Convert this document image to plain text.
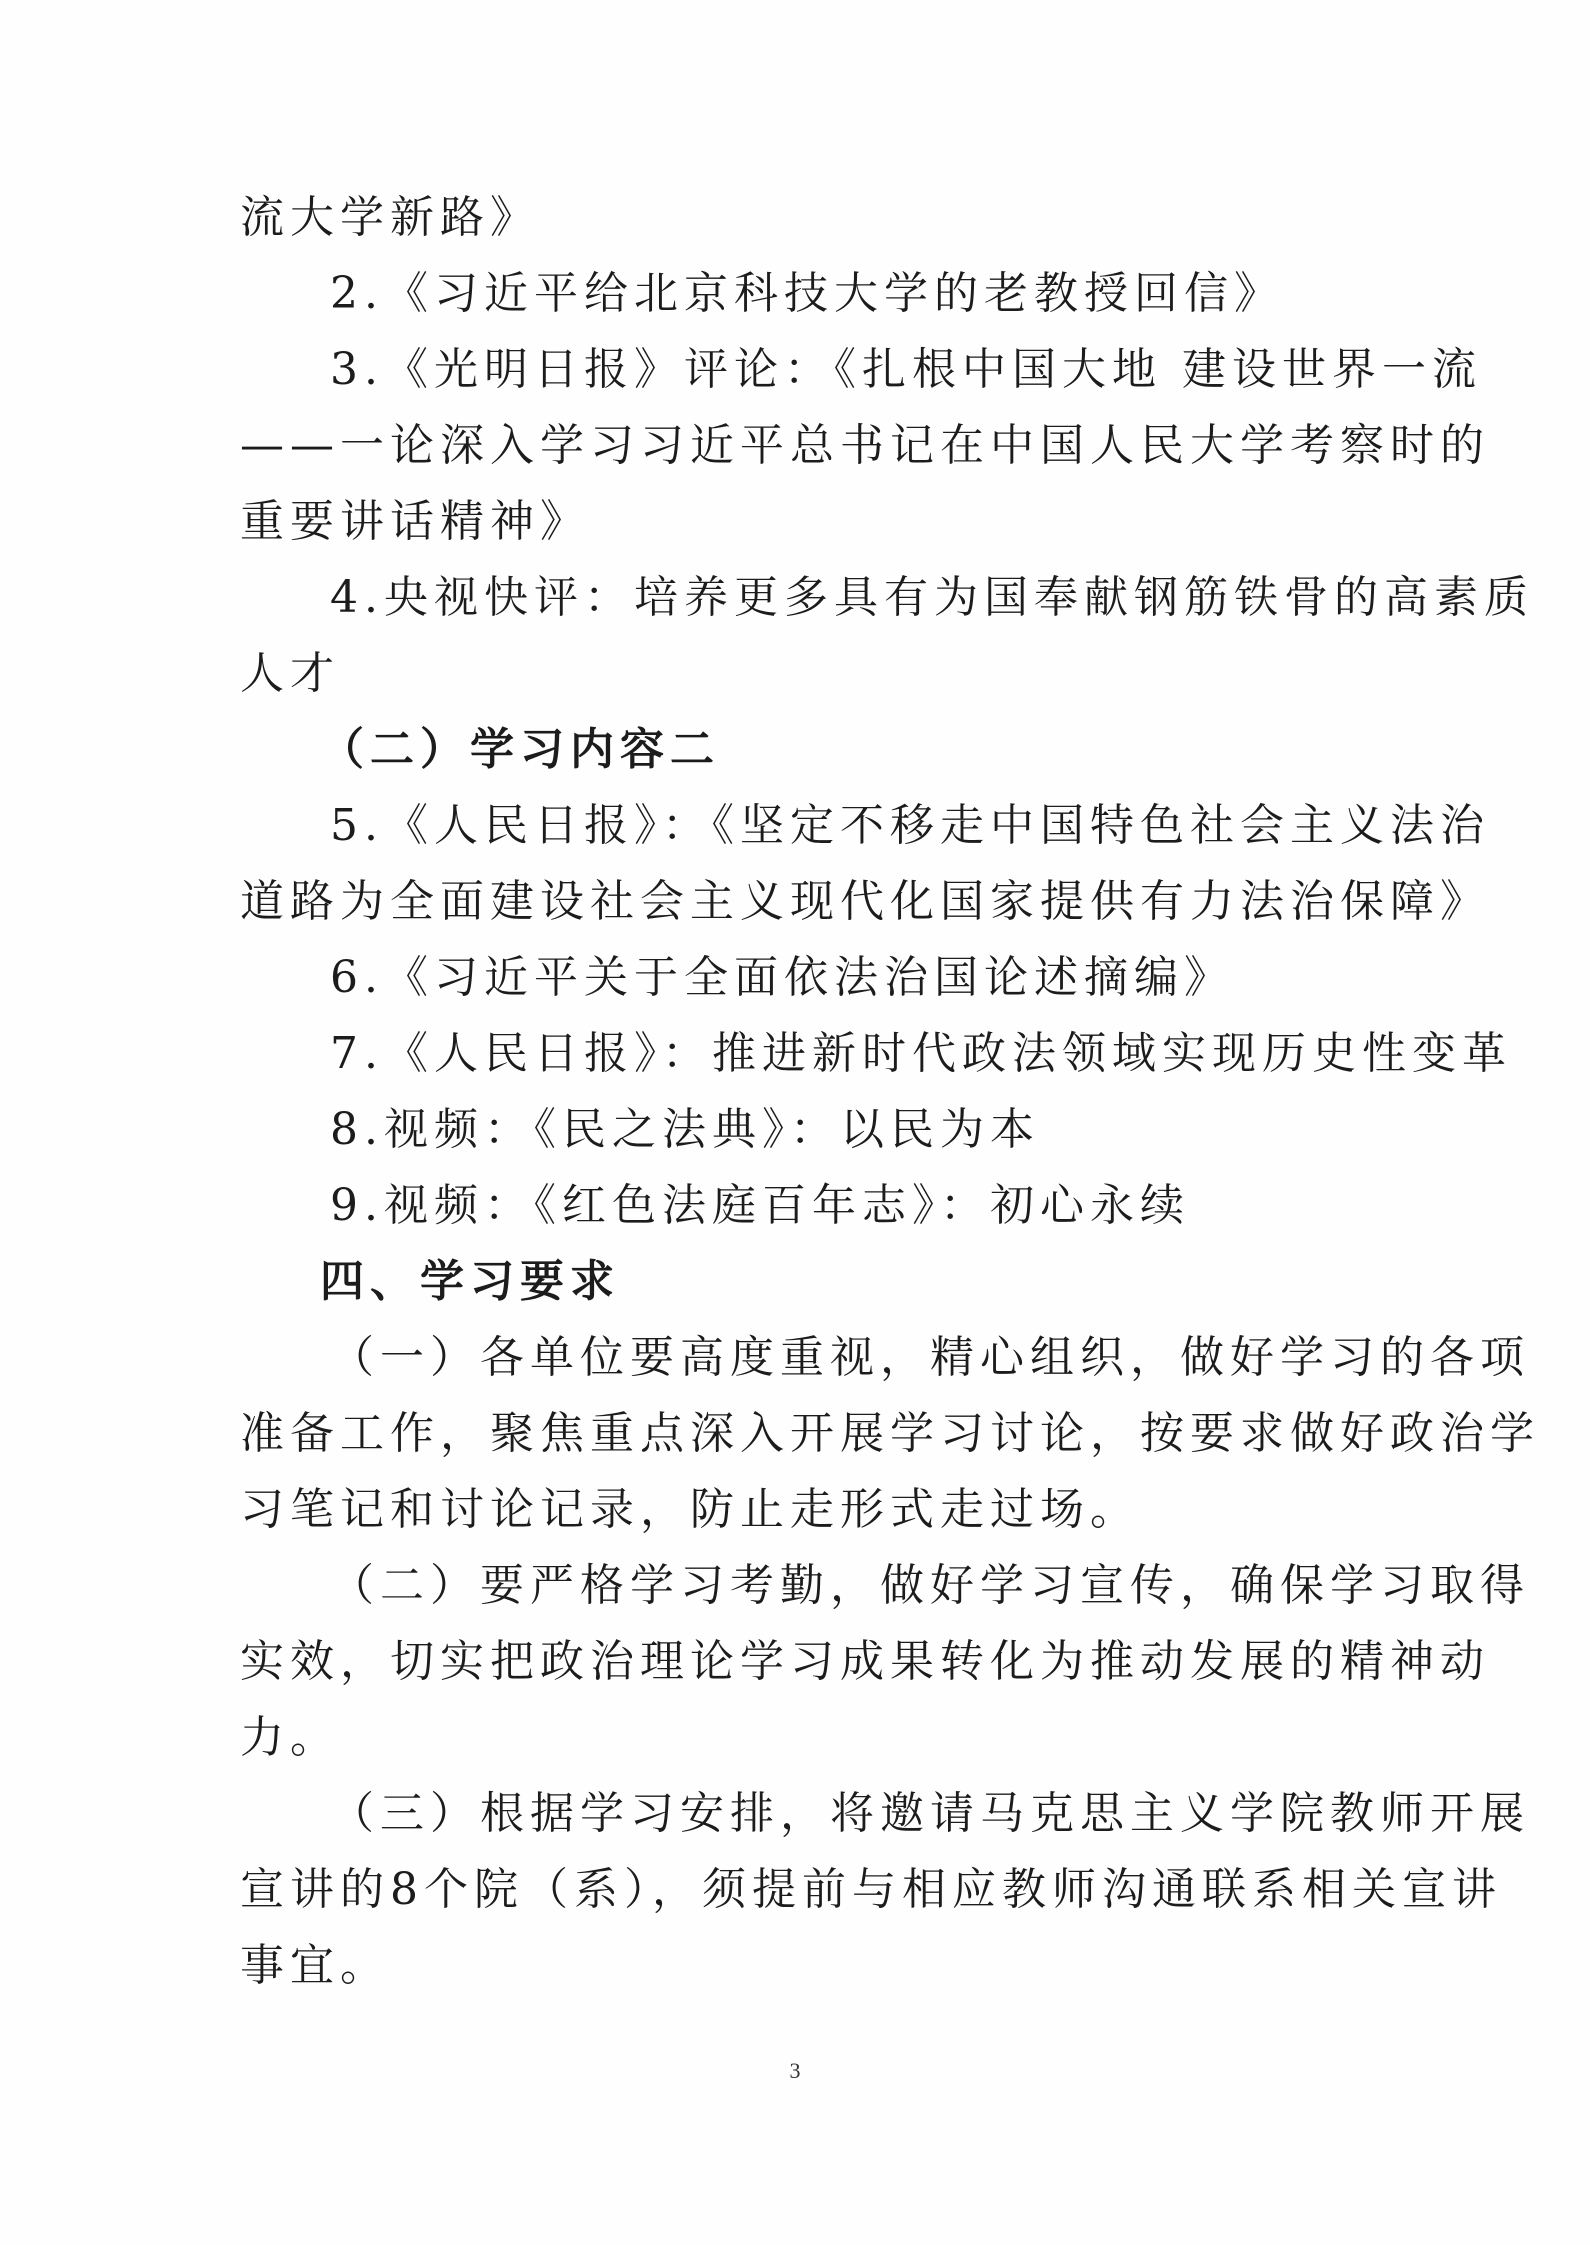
流大学新路》
2.《习近平给北京科技大学的老教授回信》
3.《光明日报》评论：《扎根中国大地 建设世界一流
——一论深入学习习近平总书记在中国人民大学考察时的
重要讲话精神》
4.央视快评：培养更多具有为国奉献钢筋铁骨的高素质
人才
（二）学习内容二
5.《人民日报》：《坚定不移走中国特色社会主义法治
道路为全面建设社会主义现代化国家提供有力法治保障》
6.《习近平关于全面依法治国论述摘编》
7.《人民日报》：推进新时代政法领域实现历史性变革
8.视频：《民之法典》：以民为本
9.视频：《红色法庭百年志》：初心永续
四、学习要求
（一）各单位要高度重视，精心组织，做好学习的各项
准备工作，聚焦重点深入开展学习讨论，按要求做好政治学
习笔记和讨论记录，防止走形式走过场。
（二）要严格学习考勤，做好学习宣传，确保学习取得
实效，切实把政治理论学习成果转化为推动发展的精神动
力。
（三）根据学习安排，将邀请马克思主义学院教师开展
宣讲的8个院（系），须提前与相应教师沟通联系相关宣讲
事宜。
3
